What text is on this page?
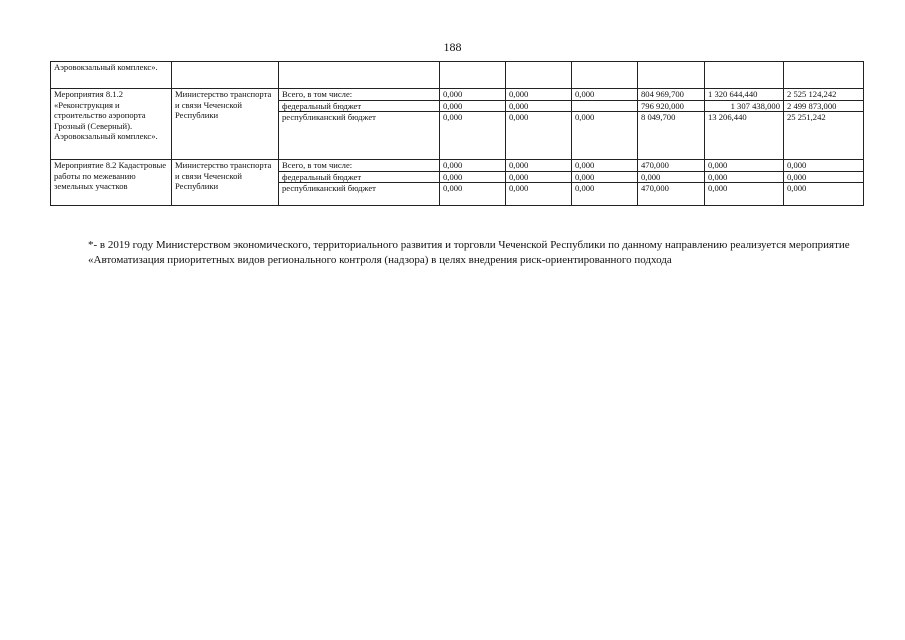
188
Аэровокзальный комплекс».								
Мероприятия 8.1.2 «Реконструкция и строительство аэропорта Грозный (Северный). Аэровокзальный комплекс».	Министерство транспорта и связи Чеченской Республики	Всего, в том числе:	0,000	0,000	0,000	804 969,700	1 320 644,440	2 525 124,242
		федеральный бюджет	0,000	0,000		796 920,000	1 307 438,000	2 499 873,000
		республиканский бюджет	0,000	0,000	0,000	8 049,700	13 206,440	25 251,242
Мероприятие 8.2 Кадастровые работы по межеванию земельных участков	Министерство транспорта и связи Чеченской Республики	Всего, в том числе:	0,000	0,000	0,000	470,000	0,000	0,000
		федеральный бюджет	0,000	0,000	0,000	0,000	0,000	0,000
		республиканский бюджет	0,000	0,000	0,000	470,000	0,000	0,000
*- в 2019 году Министерством экономического, территориального развития и торговли Чеченской Республики по данному направлению реализуется мероприятие «Автоматизация приоритетных видов регионального контроля (надзора) в целях внедрения риск-ориентированного подхода
